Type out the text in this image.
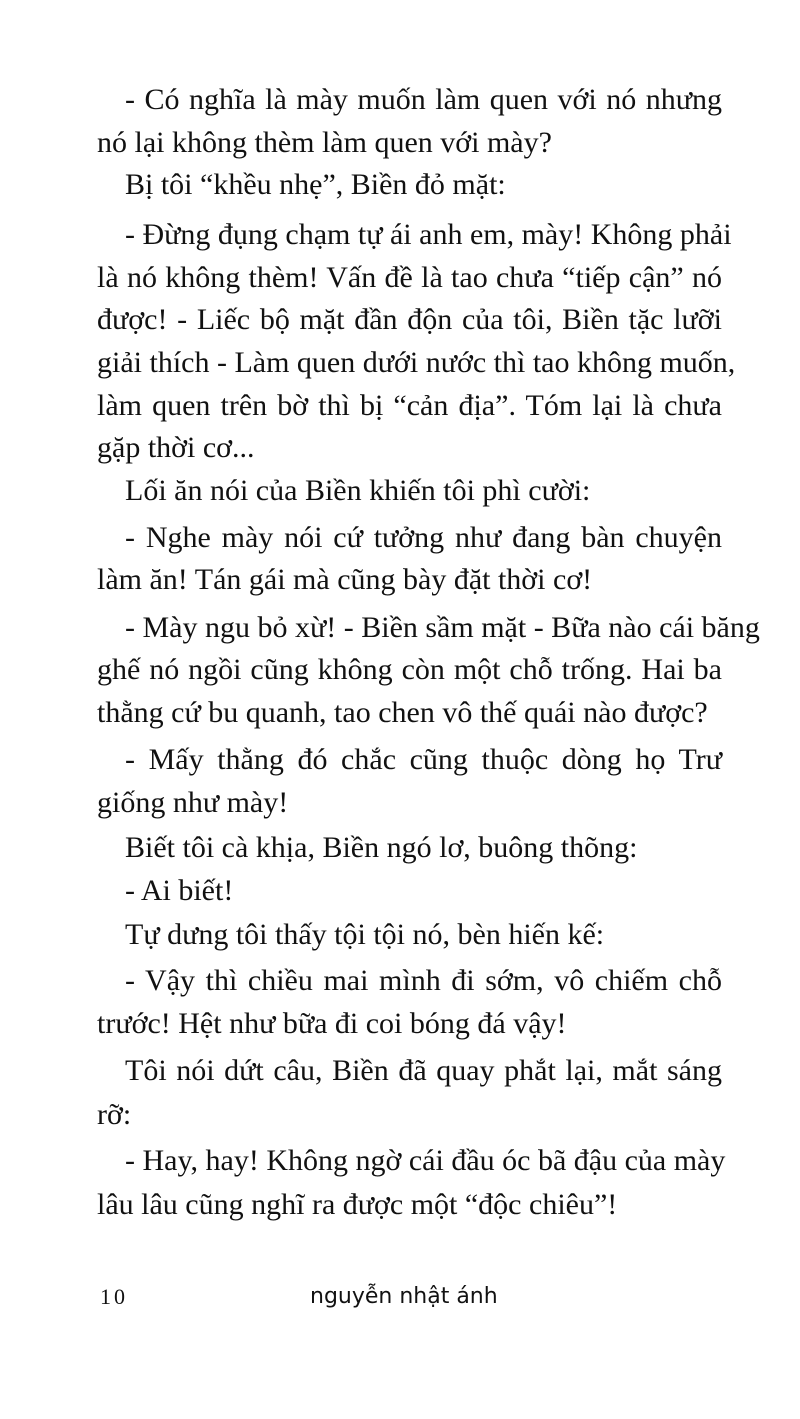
- Có nghĩa là mày muốn làm quen với nó nhưng
nó lại không thèm làm quen với mày?
Bị tôi “khều nhẹ”, Biền đỏ mặt:
- Đừng đụng chạm tự ái anh em, mày! Không phải
là nó không thèm! Vấn đề là tao chưa “tiếp cận” nó
được! - Liếc bộ mặt đần độn của tôi, Biền tặc lưỡi
giải thích - Làm quen dưới nước thì tao không muốn,
làm quen trên bờ thì bị “cản địa”. Tóm lại là chưa
gặp thời cơ...
Lối ăn nói của Biền khiến tôi phì cười:
- Nghe mày nói cứ tưởng như đang bàn chuyện
làm ăn! Tán gái mà cũng bày đặt thời cơ!
- Mày ngu bỏ xừ! - Biền sầm mặt - Bữa nào cái băng
ghế nó ngồi cũng không còn một chỗ trống. Hai ba
thằng cứ bu quanh, tao chen vô thế quái nào được?
- Mấy thằng đó chắc cũng thuộc dòng họ Trư
giống như mày!
Biết tôi cà khịa, Biền ngó lơ, buông thõng:
- Ai biết!
Tự dưng tôi thấy tội tội nó, bèn hiến kế:
- Vậy thì chiều mai mình đi sớm, vô chiếm chỗ
trước! Hệt như bữa đi coi bóng đá vậy!
Tôi nói dứt câu, Biền đã quay phắt lại, mắt sáng
rỡ:
- Hay, hay! Không ngờ cái đầu óc bã đậu của mày
lâu lâu cũng nghĩ ra được một “độc chiêu”!
10	nguyễn nhật ánh
